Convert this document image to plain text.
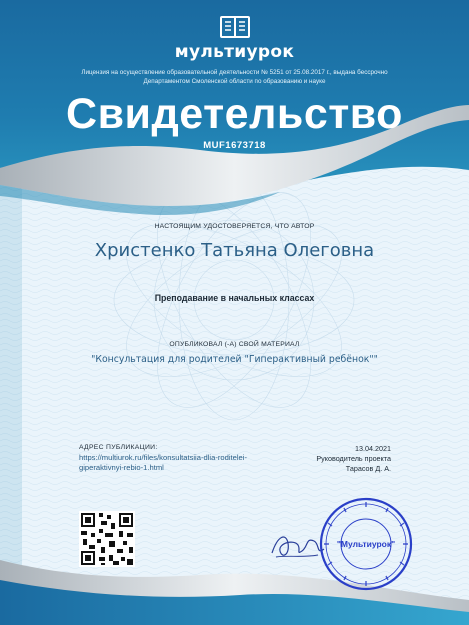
мультиурок
Лицензия на осуществление образовательной деятельности № 5251 от 25.08.2017 г., выдана бессрочно Департаментом Смоленской области по образованию и науке
Свидетельство
MUF1673718
НАСТОЯЩИМ УДОСТОВЕРЯЕТСЯ, ЧТО АВТОР
Христенко Татьяна Олеговна
Преподавание в начальных классах
ОПУБЛИКОВАЛ (-А) СВОЙ МАТЕРИАЛ
"Консультация для родителей "Гиперактивный ребёнок""
АДРЕС ПУБЛИКАЦИИ:
https://multiurok.ru/files/konsultatsiia-dlia-roditelei-giperaktivnyi-rebio-1.html
13.04.2021
Руководитель проекта
Тарасов Д. А.
"Мультиурок"
